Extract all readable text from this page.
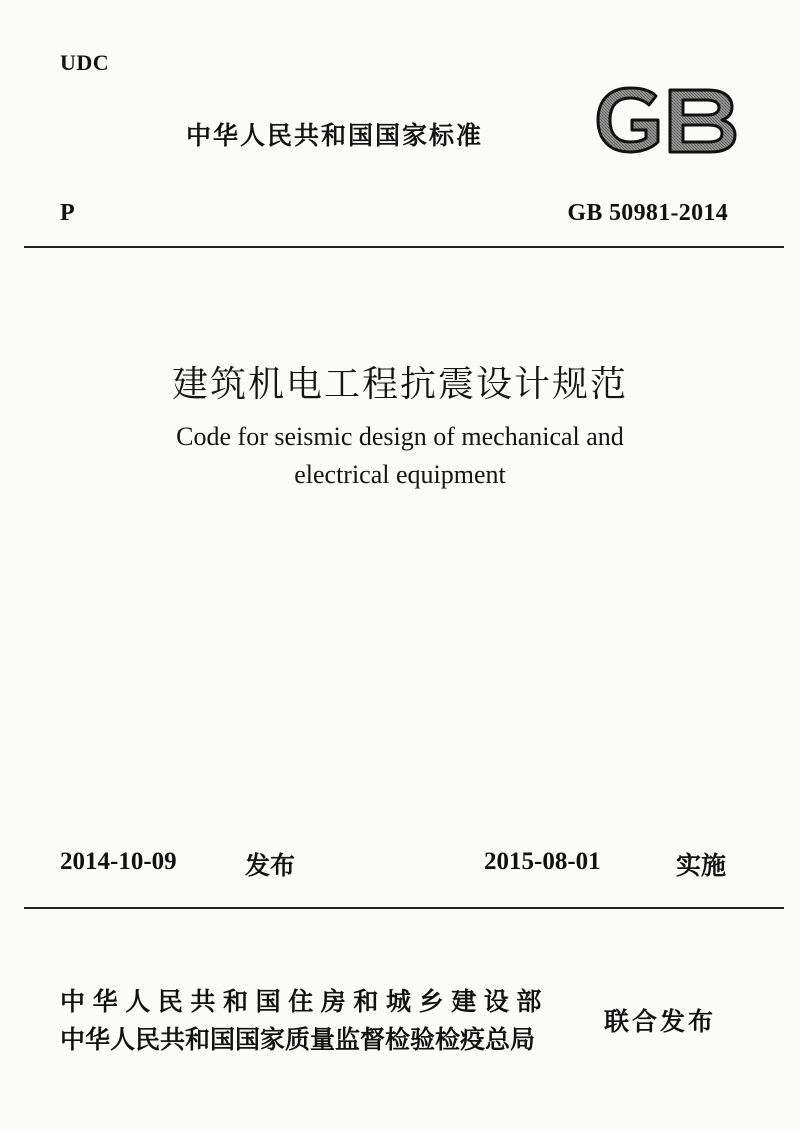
UDC
中华人民共和国国家标准
P	GB 50981-2014
建筑机电工程抗震设计规范
Code for seismic design of mechanical and
electrical equipment
2014-10-09	发布	2015-08-01	实施
中华人民共和国住房和城乡建设部
中华人民共和国国家质量监督检验检疫总局
联合发布
